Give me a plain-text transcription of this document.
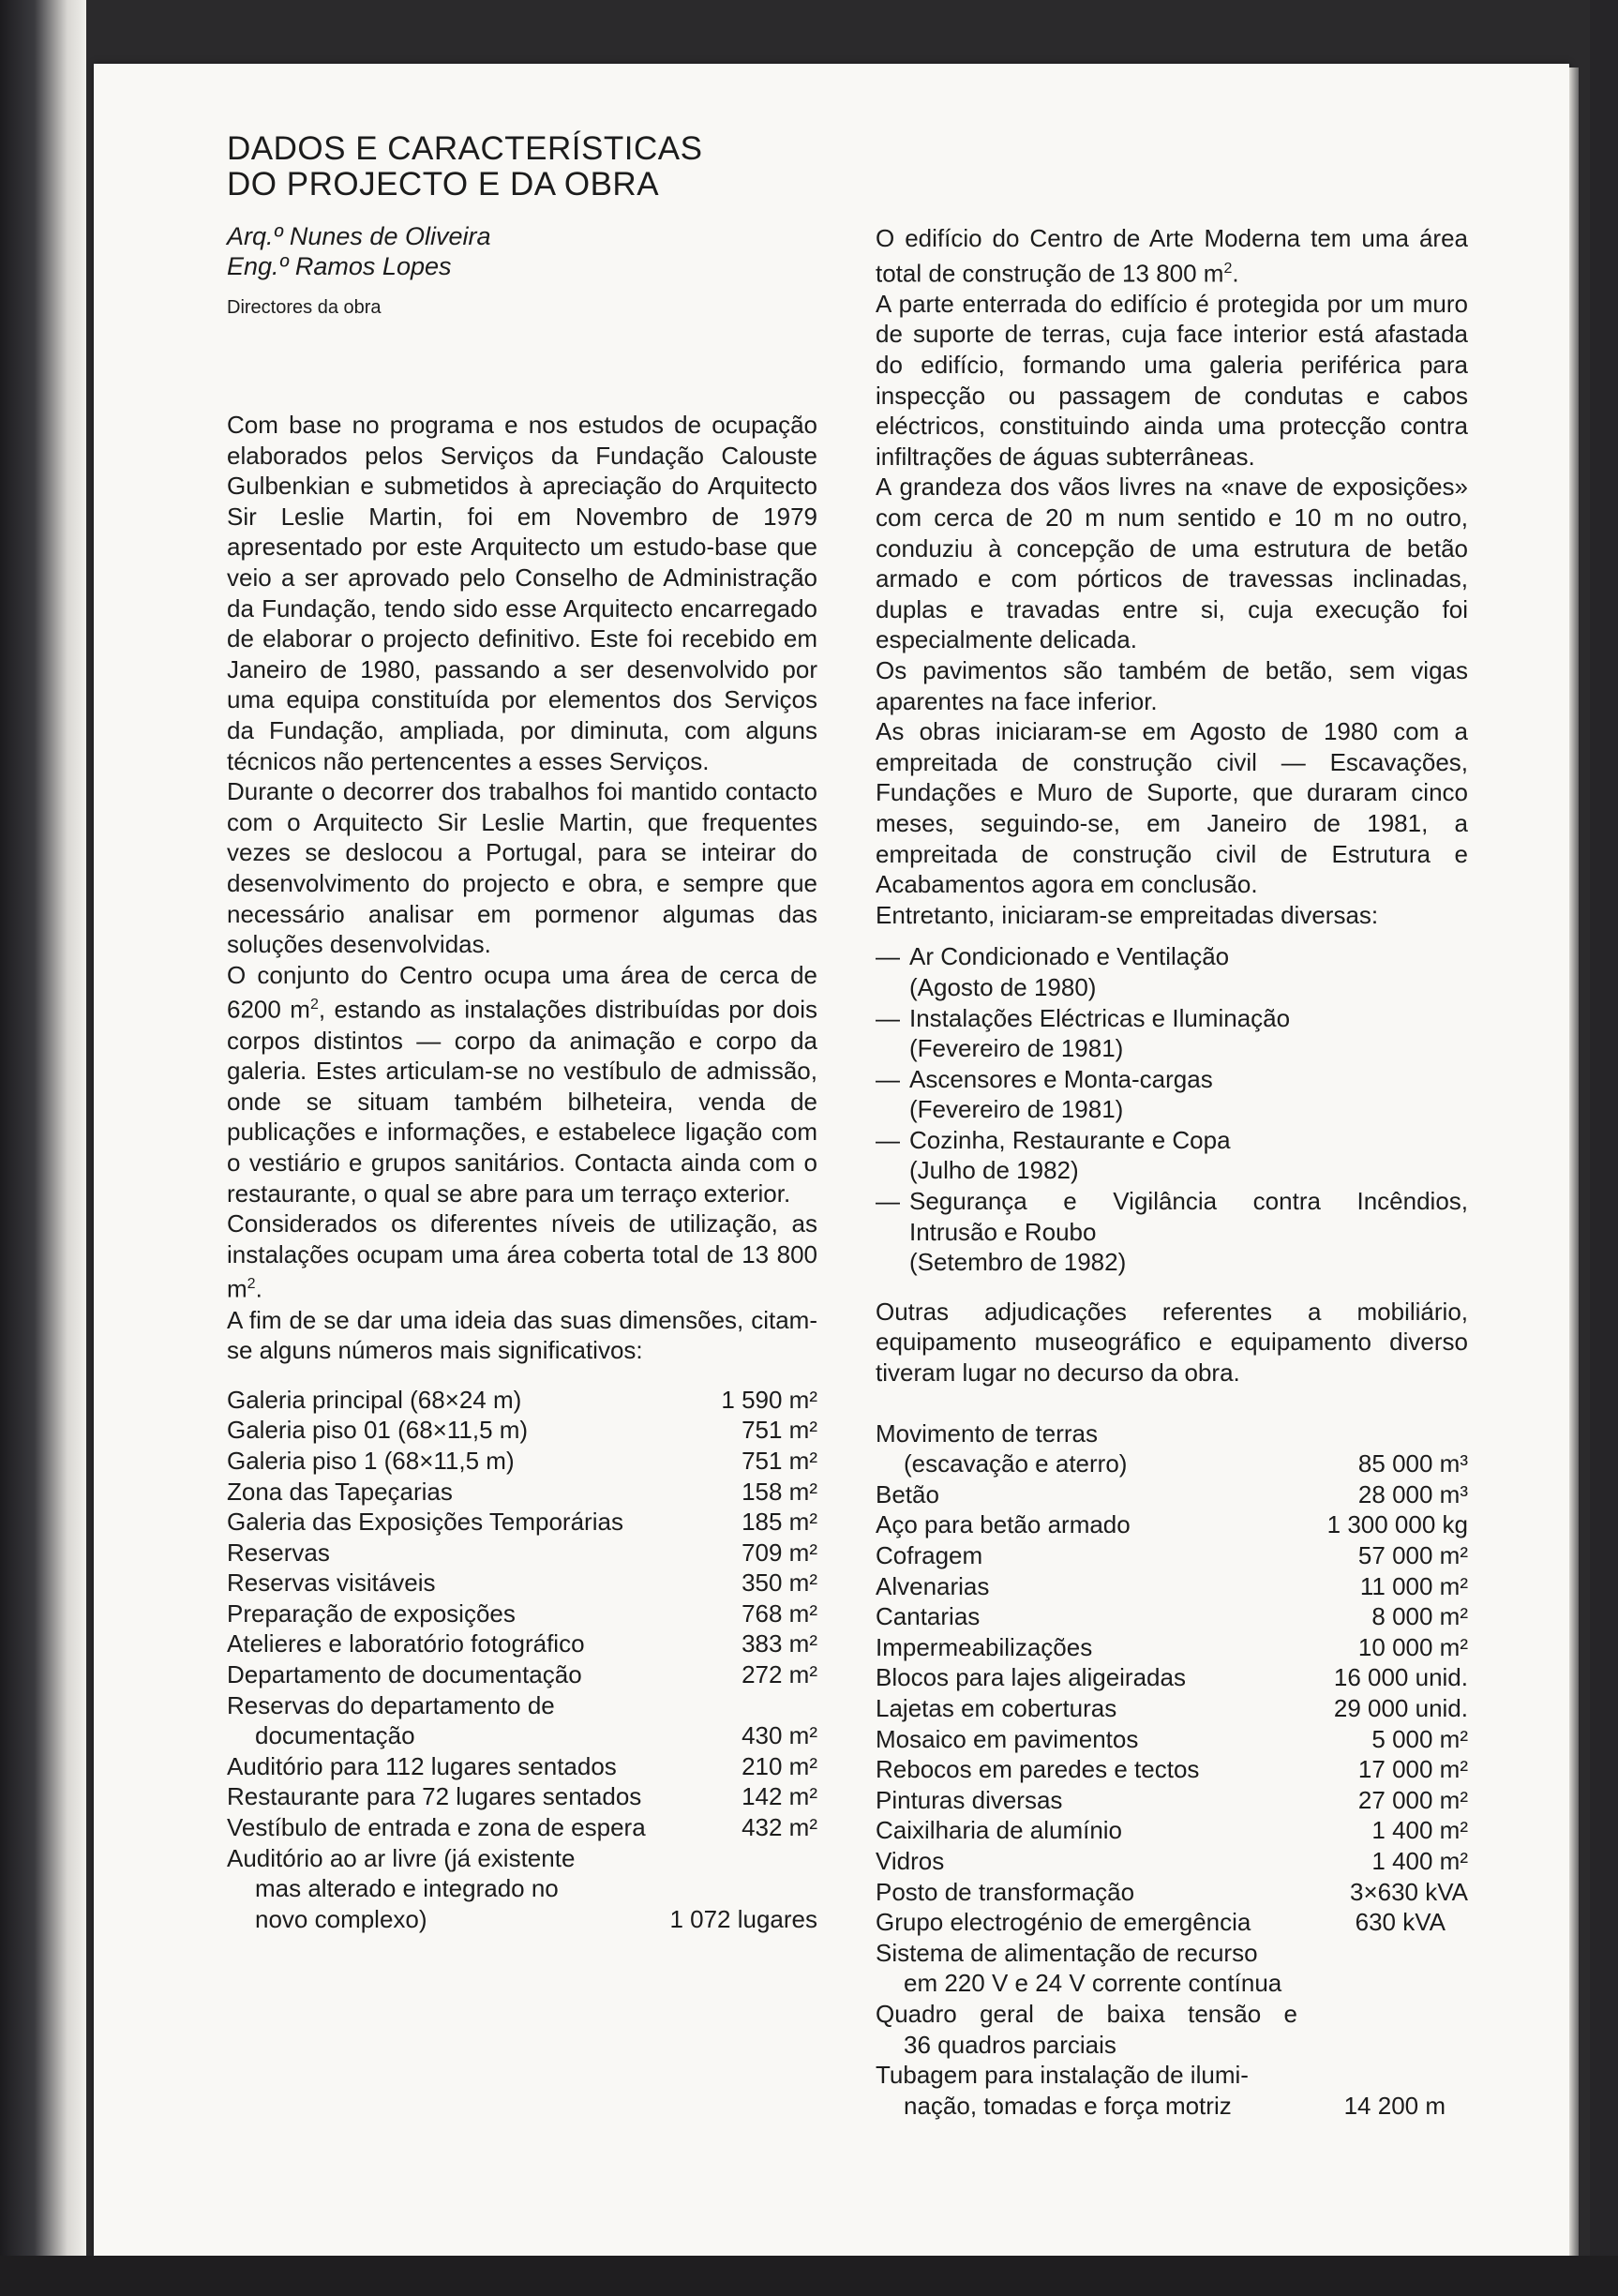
DADOS E CARACTERÍSTICAS
DO PROJECTO E DA OBRA
Arq.º Nunes de Oliveira
Eng.º Ramos Lopes
Directores da obra

Com base no programa e nos estudos de ocupação elaborados pelos Serviços da Fundação Calouste Gulbenkian e submetidos à apreciação do Arquitecto Sir Leslie Martin, foi em Novembro de 1979 apresentado por este Arquitecto um estudo-base que veio a ser aprovado pelo Conselho de Administração da Fundação, tendo sido esse Arquitecto encarregado de elaborar o projecto definitivo. Este foi recebido em Janeiro de 1980, passando a ser desenvolvido por uma equipa constituída por elementos dos Serviços da Fundação, ampliada, por diminuta, com alguns técnicos não pertencentes a esses Serviços.

Durante o decorrer dos trabalhos foi mantido contacto com o Arquitecto Sir Leslie Martin, que frequentes vezes se deslocou a Portugal, para se inteirar do desenvolvimento do projecto e obra, e sempre que necessário analisar em pormenor algumas das soluções desenvolvidas.

O conjunto do Centro ocupa uma área de cerca de 6200 $m^2$, estando as instalações distribuídas por dois corpos distintos — corpo da animação e corpo da galeria. Estes articulam-se no vestíbulo de admissão, onde se situam também bilheteira, venda de publicações e informações, e estabelece ligação com o vestiário e grupos sanitários. Contacta ainda com o restaurante, o qual se abre para um terraço exterior.

Considerados os diferentes níveis de utilização, as instalações ocupam uma área coberta total de 13 800 $m^2$.

A fim de se dar uma ideia das suas dimensões, citam-se alguns números mais significativos:

Galeria principal (68×24 m)	1 590 m²
Galeria piso 01 (68×11,5 m)	751 m²
Galeria piso 1 (68×11,5 m)	751 m²
Zona das Tapeçarias	158 m²
Galeria das Exposições Temporárias	185 m²
Reservas	709 m²
Reservas visitáveis	350 m²
Preparação de exposições	768 m²
Atelieres e laboratório fotográfico	383 m²
Departamento de documentação	272 m²
Reservas do departamento de
documentação	430 m²
Auditório para 112 lugares sentados	210 m²
Restaurante para 72 lugares sentados	142 m²
Vestíbulo de entrada e zona de espera	432 m²
Auditório ao ar livre (já existente
mas alterado e integrado no
novo complexo)	1 072 lugares

O edifício do Centro de Arte Moderna tem uma área total de construção de 13 800 $m^2$.

A parte enterrada do edifício é protegida por um muro de suporte de terras, cuja face interior está afastada do edifício, formando uma galeria periférica para inspecção ou passagem de condutas e cabos eléctricos, constituindo ainda uma protecção contra infiltrações de águas subterrâneas.

A grandeza dos vãos livres na «nave de exposições» com cerca de 20 m num sentido e 10 m no outro, conduziu à concepção de uma estrutura de betão armado e com pórticos de travessas inclinadas, duplas e travadas entre si, cuja execução foi especialmente delicada.

Os pavimentos são também de betão, sem vigas aparentes na face inferior.

As obras iniciaram-se em Agosto de 1980 com a empreitada de construção civil — Escavações, Fundações e Muro de Suporte, que duraram cinco meses, seguindo-se, em Janeiro de 1981, a empreitada de construção civil de Estrutura e Acabamentos agora em conclusão.

Entretanto, iniciaram-se empreitadas diversas:

— Ar Condicionado e Ventilação
(Agosto de 1980)
— Instalações Eléctricas e Iluminação
(Fevereiro de 1981)
— Ascensores e Monta-cargas
(Fevereiro de 1981)
— Cozinha, Restaurante e Copa
(Julho de 1982)
— Segurança e Vigilância contra Incêndios,
Intrusão e Roubo
(Setembro de 1982)

Outras adjudicações referentes a mobiliário, equipamento museográfico e equipamento diverso tiveram lugar no decurso da obra.

Movimento de terras
(escavação e aterro)	85 000 m³
Betão	28 000 m³
Aço para betão armado	1 300 000 kg
Cofragem	57 000 m²
Alvenarias	11 000 m²
Cantarias	8 000 m²
Impermeabilizações	10 000 m²
Blocos para lajes aligeiradas	16 000 unid.
Lajetas em coberturas	29 000 unid.
Mosaico em pavimentos	5 000 m²
Rebocos em paredes e tectos	17 000 m²
Pinturas diversas	27 000 m²
Caixilharia de alumínio	1 400 m²
Vidros	1 400 m²
Posto de transformação	3×630 kVA
Grupo electrogénio de emergência	630 kVA
Sistema de alimentação de recurso
em 220 V e 24 V corrente contínua
Quadro geral de baixa tensão e
36 quadros parciais
Tubagem para instalação de ilumi-
nação, tomadas e força motriz	14 200 m
